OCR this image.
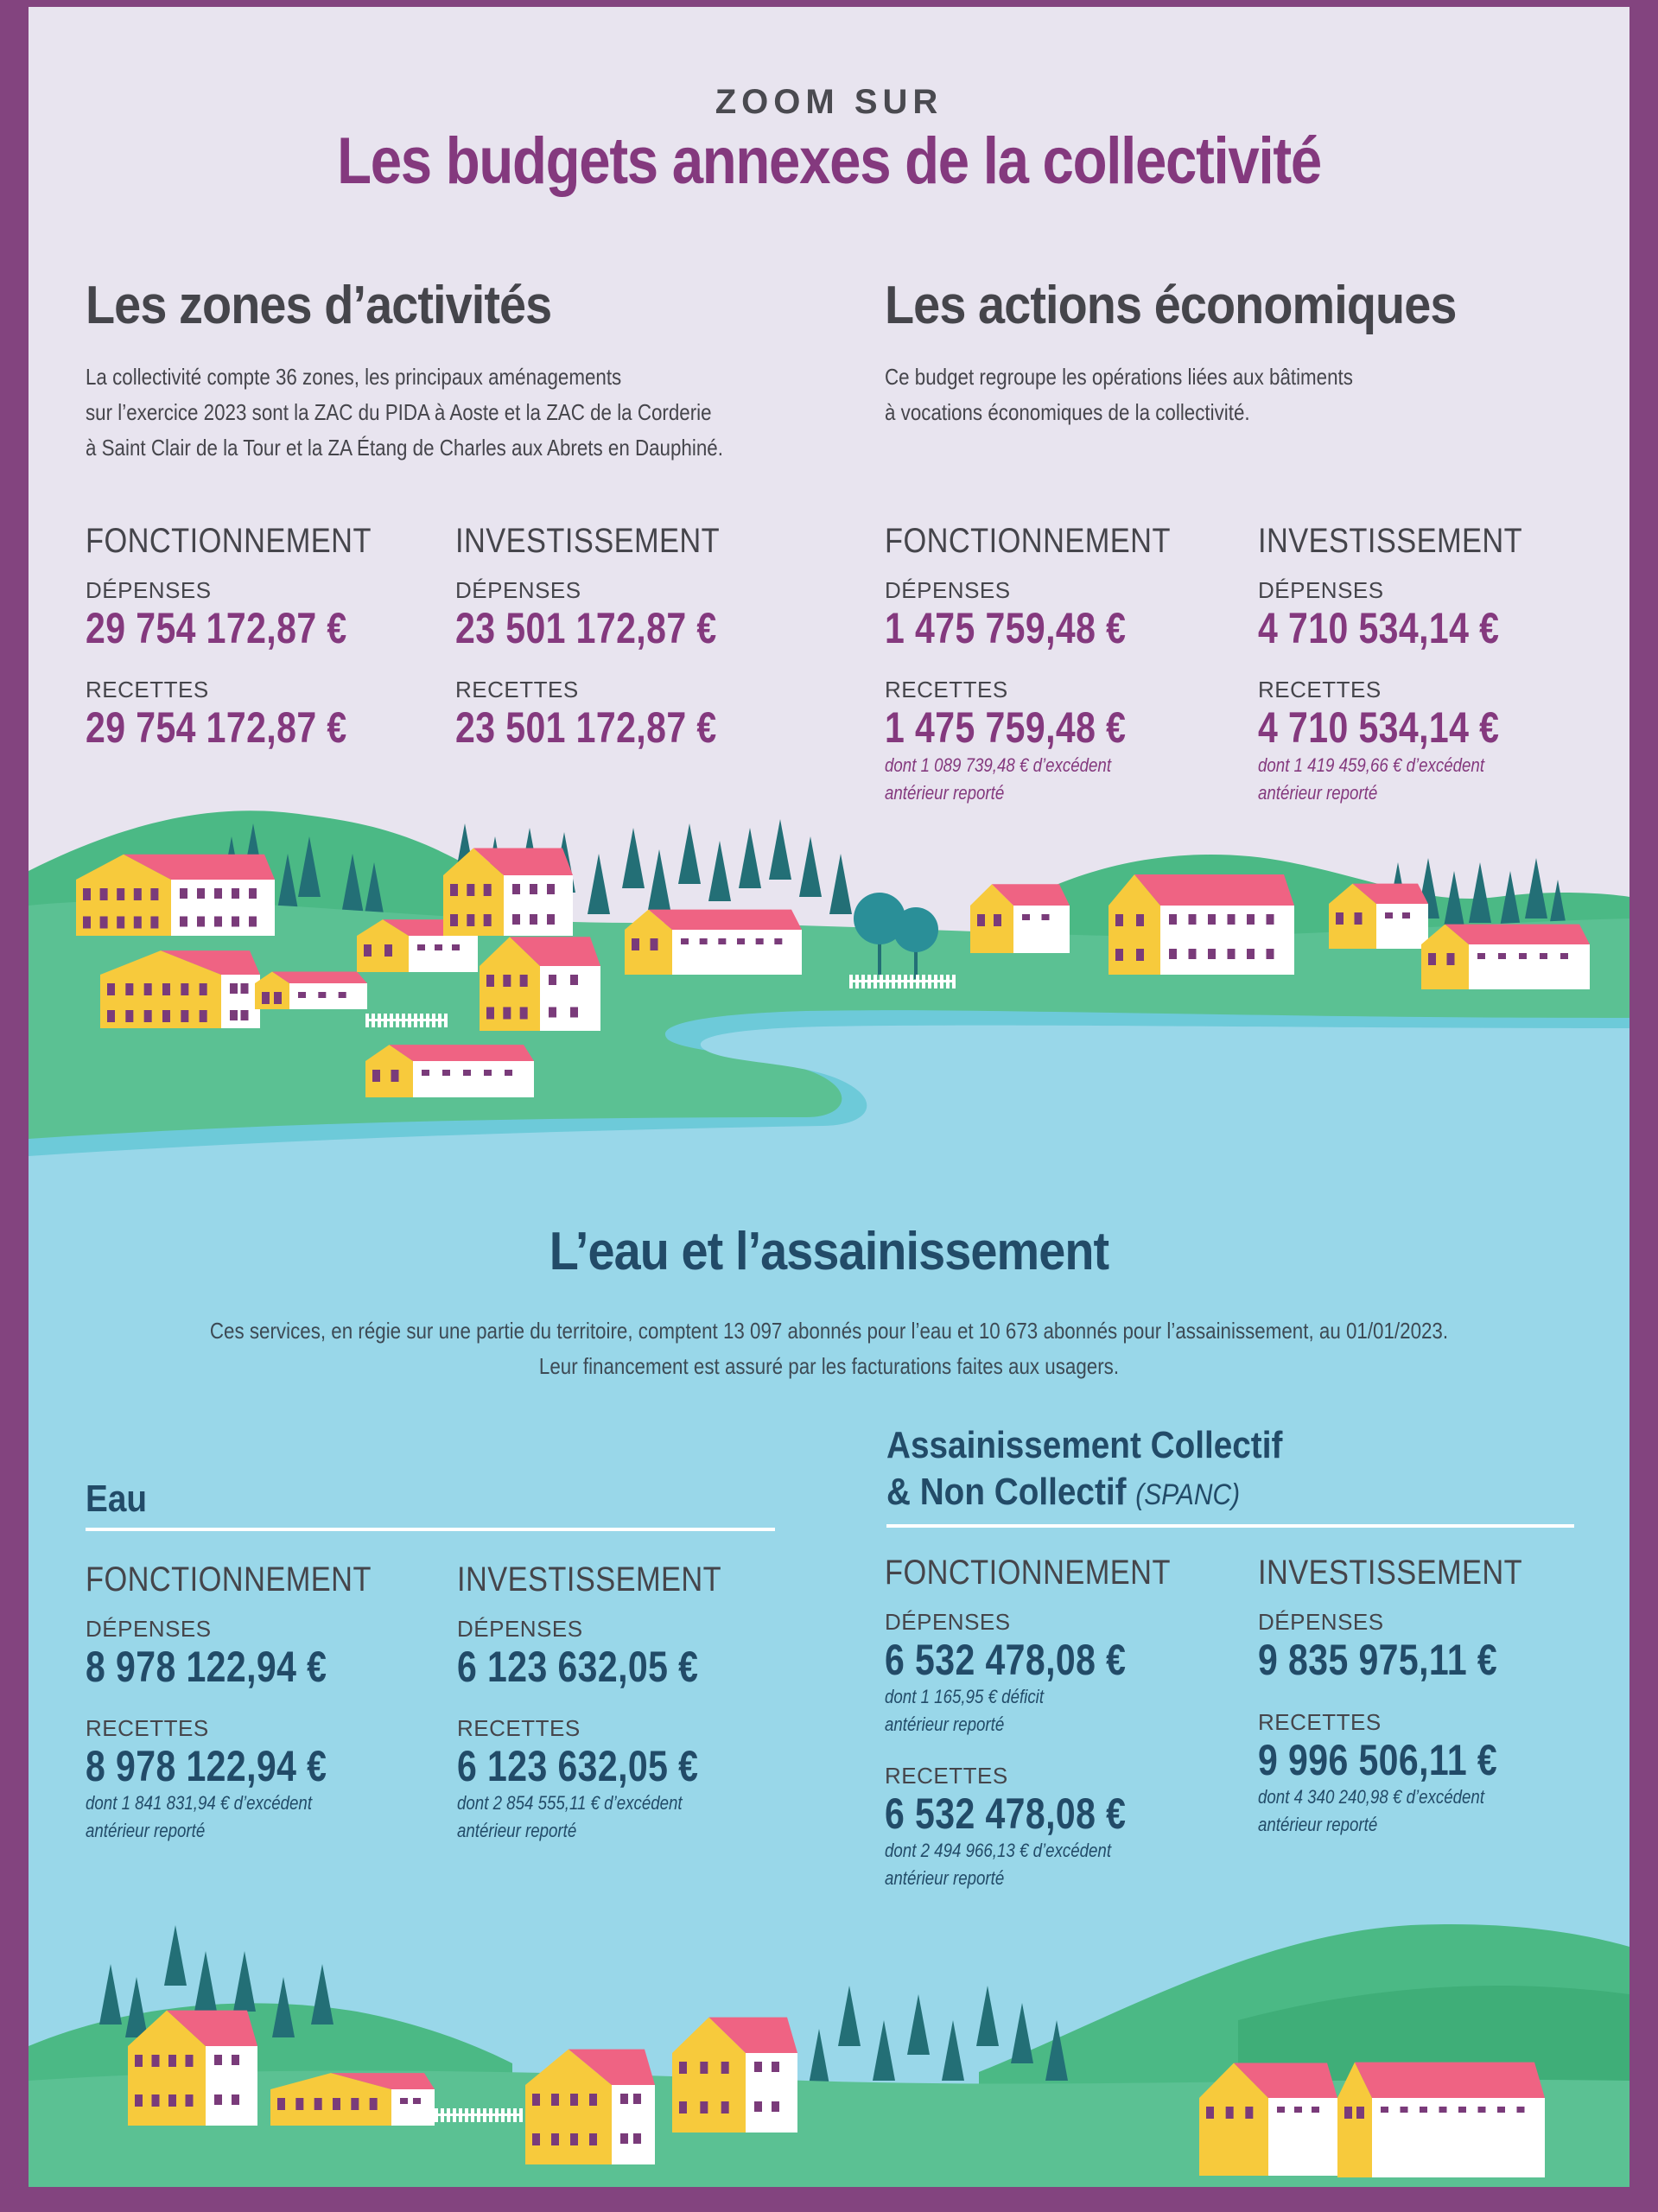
ZOOM SUR
Les budgets annexes de la collectivité
Les zones d’activités
La collectivité compte 36 zones, les principaux aménagements
sur l’exercice 2023 sont la ZAC du PIDA à Aoste et la ZAC de la Corderie
à Saint Clair de la Tour et la ZA Étang de Charles aux Abrets en Dauphiné.
FONCTIONNEMENT
DÉPENSES
29 754 172,87 €
RECETTES
29 754 172,87 €
INVESTISSEMENT
DÉPENSES
23 501 172,87 €
RECETTES
23 501 172,87 €
Les actions économiques
Ce budget regroupe les opérations liées aux bâtiments
à vocations économiques de la collectivité.
FONCTIONNEMENT
DÉPENSES
1 475 759,48 €
RECETTES
1 475 759,48 €
dont 1 089 739,48 € d’excédent
antérieur reporté
INVESTISSEMENT
DÉPENSES
4 710 534,14 €
RECETTES
4 710 534,14 €
dont 1 419 459,66 € d’excédent
antérieur reporté
L’eau et l’assainissement
Ces services, en régie sur une partie du territoire, comptent 13 097 abonnés pour l’eau et 10 673 abonnés pour l’assainissement, au 01/01/2023.
Leur financement est assuré par les facturations faites aux usagers.
Eau
FONCTIONNEMENT
DÉPENSES
8 978 122,94 €
RECETTES
8 978 122,94 €
dont 1 841 831,94 € d’excédent
antérieur reporté
INVESTISSEMENT
DÉPENSES
6 123 632,05 €
RECETTES
6 123 632,05 €
dont 2 854 555,11 € d’excédent
antérieur reporté
Assainissement Collectif
& Non Collectif (SPANC)
FONCTIONNEMENT
DÉPENSES
6 532 478,08 €
dont 1 165,95 € déficit
antérieur reporté
RECETTES
6 532 478,08 €
dont 2 494 966,13 € d’excédent
antérieur reporté
INVESTISSEMENT
DÉPENSES
9 835 975,11 €
RECETTES
9 996 506,11 €
dont 4 340 240,98 € d’excédent
antérieur reporté
